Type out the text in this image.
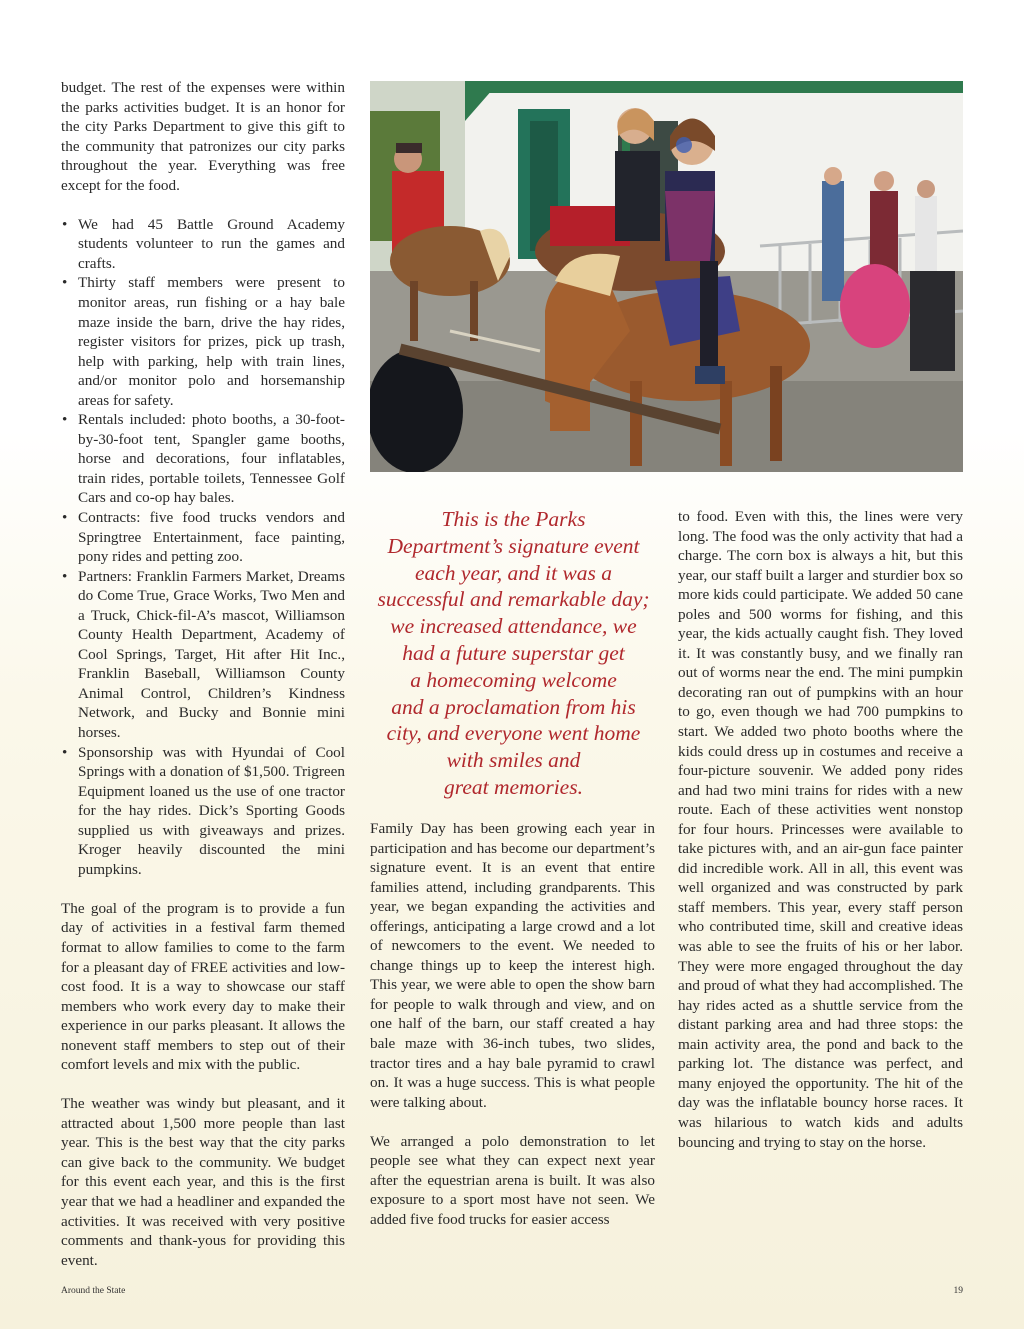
budget. The rest of the expenses were within the parks activities budget. It is an honor for the city Parks Department to give this gift to the community that patronizes our city parks throughout the year. Everything was free except for the food.

• We had 45 Battle Ground Academy students volunteer to run the games and crafts.
• Thirty staff members were present to monitor areas, run fishing or a hay bale maze inside the barn, drive the hay rides, register visitors for prizes, pick up trash, help with parking, help with train lines, and/or monitor polo and horsemanship areas for safety.
• Rentals included: photo booths, a 30-foot-by-30-foot tent, Spangler game booths, horse and decorations, four inflatables, train rides, portable toilets, Tennessee Golf Cars and co-op hay bales.
• Contracts: five food trucks vendors and Springtree Entertainment, face painting, pony rides and petting zoo.
• Partners: Franklin Farmers Market, Dreams do Come True, Grace Works, Two Men and a Truck, Chick-fil-A’s mascot, Williamson County Health Department, Academy of Cool Springs, Target, Hit after Hit Inc., Franklin Baseball, Williamson County Animal Control, Children’s Kindness Network, and Bucky and Bonnie mini horses.
• Sponsorship was with Hyundai of Cool Springs with a donation of $1,500. Trigreen Equipment loaned us the use of one tractor for the hay rides. Dick’s Sporting Goods supplied us with giveaways and prizes. Kroger heavily discounted the mini pumpkins.

The goal of the program is to provide a fun day of activities in a festival farm themed format to allow families to come to the farm for a pleasant day of FREE activities and low-cost food. It is a way to showcase our staff members who work every day to make their experience in our parks pleasant. It allows the nonevent staff members to step out of their comfort levels and mix with the public.

The weather was windy but pleasant, and it attracted about 1,500 more people than last year. This is the best way that the city parks can give back to the community. We budget for this event each year, and this is the first year that we had a headliner and expanded the activities. It was received with very positive comments and thank-yous for providing this event.

This is the Parks
Department’s signature event
each year, and it was a
successful and remarkable day;
we increased attendance, we
had a future superstar get
a homecoming welcome
and a proclamation from his
city, and everyone went home
with smiles and
great memories.

Family Day has been growing each year in participation and has become our department’s signature event. It is an event that entire families attend, including grandparents. This year, we began expanding the activities and offerings, anticipating a large crowd and a lot of newcomers to the event. We needed to change things up to keep the interest high. This year, we were able to open the show barn for people to walk through and view, and on one half of the barn, our staff created a hay bale maze with 36-inch tubes, two slides, tractor tires and a hay bale pyramid to crawl on. It was a huge success. This is what people were talking about.

We arranged a polo demonstration to let people see what they can expect next year after the equestrian arena is built. It was also exposure to a sport most have not seen. We added five food trucks for easier access

to food. Even with this, the lines were very long. The food was the only activity that had a charge. The corn box is always a hit, but this year, our staff built a larger and sturdier box so more kids could participate. We added 50 cane poles and 500 worms for fishing, and this year, the kids actually caught fish. They loved it. It was constantly busy, and we finally ran out of worms near the end. The mini pumpkin decorating ran out of pumpkins with an hour to go, even though we had 700 pumpkins to start. We added two photo booths where the kids could dress up in costumes and receive a four-picture souvenir. We added pony rides and had two mini trains for rides with a new route. Each of these activities went nonstop for four hours. Princesses were available to take pictures with, and an air-gun face painter did incredible work. All in all, this event was well organized and was constructed by park staff members. This year, every staff person who contributed time, skill and creative ideas was able to see the fruits of his or her labor. They were more engaged throughout the day and proud of what they had accomplished. The hay rides acted as a shuttle service from the distant parking area and had three stops: the main activity area, the pond and back to the parking lot. The distance was perfect, and many enjoyed the opportunity. The hit of the day was the inflatable bouncy horse races. It was hilarious to watch kids and adults bouncing and trying to stay on the horse.

Around the State	19
